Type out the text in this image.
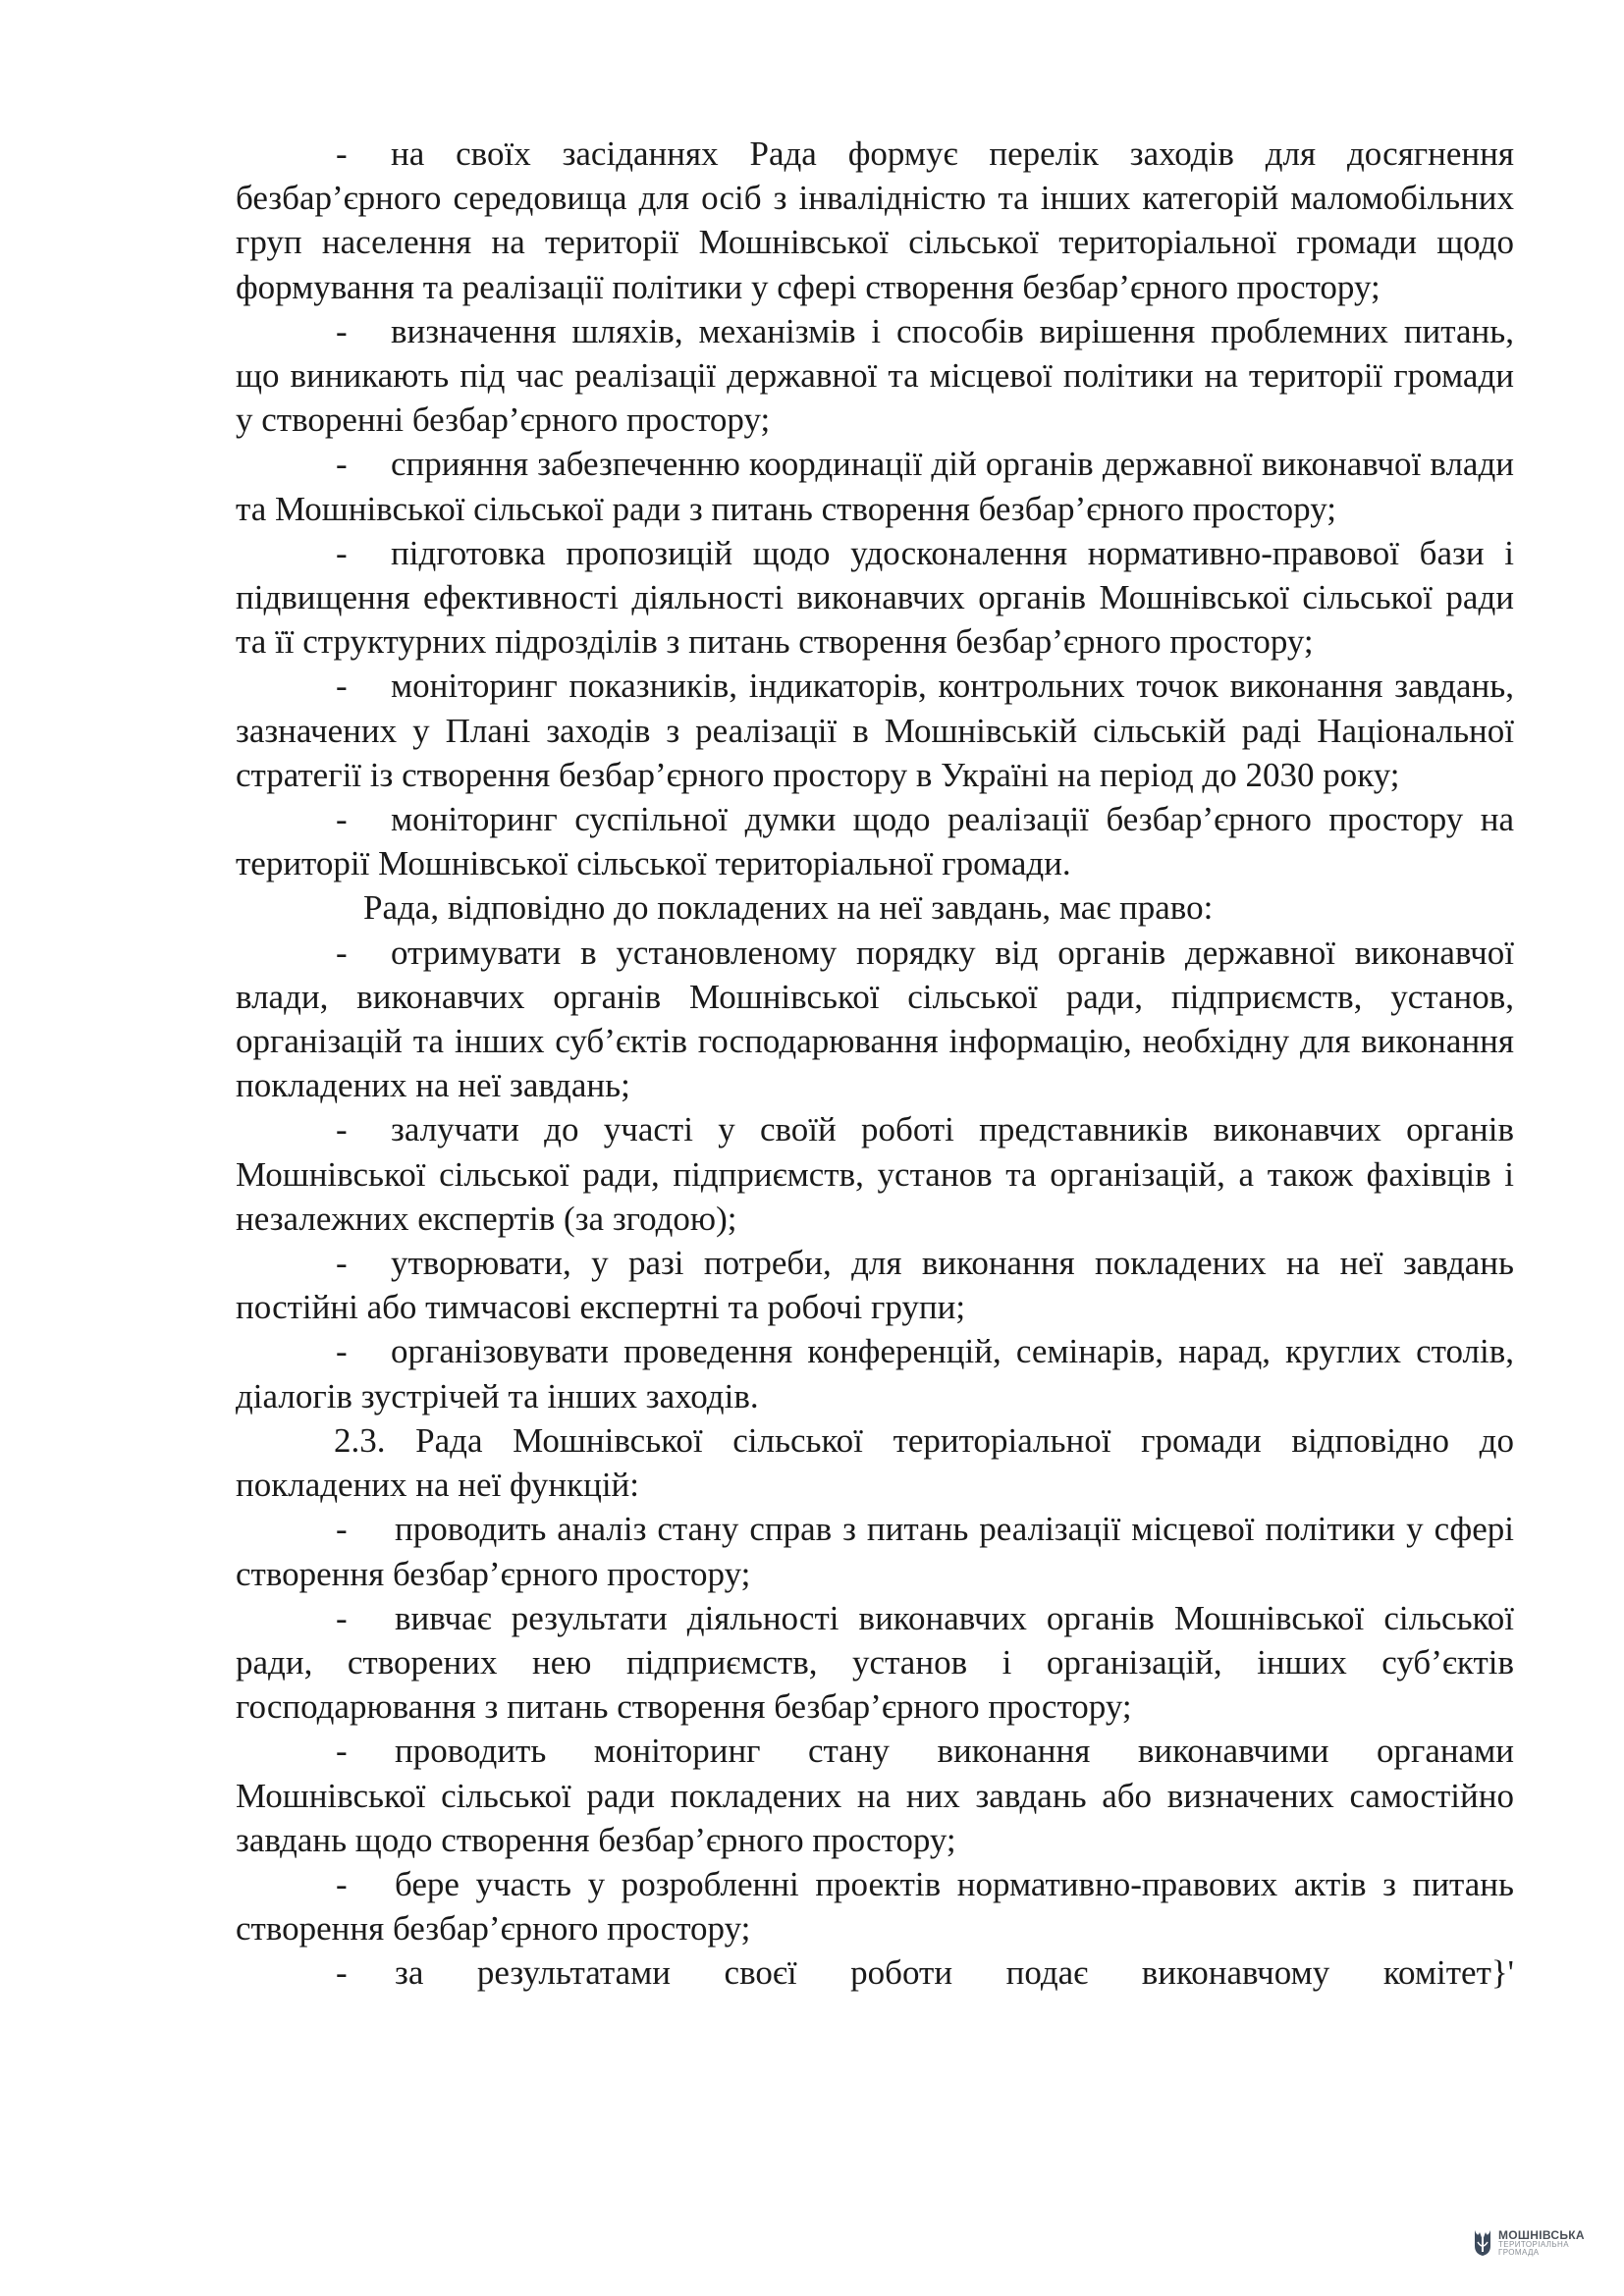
- на своїх засіданнях Рада формує перелік заходів для досягнення безбар’єрного середовища для осіб з інвалідністю та інших категорій маломобільних груп населення на території Мошнівської сільської територіальної громади щодо формування та реалізації політики у сфері створення безбар’єрного простору;

- визначення шляхів, механізмів і способів вирішення проблемних питань, що виникають під час реалізації державної та місцевої політики на території громади у створенні безбар’єрного простору;

- сприяння забезпеченню координації дій органів державної виконавчої влади та Мошнівської сільської ради з питань створення безбар’єрного простору;

- підготовка пропозицій щодо удосконалення нормативно-правової бази і підвищення ефективності діяльності виконавчих органів Мошнівської сільської ради та її структурних підрозділів з питань створення безбар’єрного простору;

- моніторинг показників, індикаторів, контрольних точок виконання завдань, зазначених у Плані заходів з реалізації в Мошнівській сільській раді Національної стратегії із створення безбар’єрного простору в Україні на період до 2030 року;

- моніторинг суспільної думки щодо реалізації безбар’єрного простору на території Мошнівської сільської територіальної громади.

Рада, відповідно до покладених на неї завдань, має право:

- отримувати в установленому порядку від органів державної виконавчої влади, виконавчих органів Мошнівської сільської ради, підприємств, установ, організацій та інших суб’єктів господарювання інформацію, необхідну для виконання покладених на неї завдань;

- залучати до участі у своїй роботі представників виконавчих органів Мошнівської сільської ради, підприємств, установ та організацій, а також фахівців і незалежних експертів (за згодою);

- утворювати, у разі потреби, для виконання покладених на неї завдань постійні або тимчасові експертні та робочі групи;

- організовувати проведення конференцій, семінарів, нарад, круглих столів, діалогів зустрічей та інших заходів.

2.3. Рада Мошнівської сільської територіальної громади відповідно до покладених на неї функцій:

- проводить аналіз стану справ з питань реалізації місцевої політики у сфері створення безбар’єрного простору;

- вивчає результати діяльності виконавчих органів Мошнівської сільської ради, створених нею підприємств, установ і організацій, інших суб’єктів господарювання з питань створення безбар’єрного простору;

- проводить моніторинг стану виконання виконавчими органами Мошнівської сільської ради покладених на них завдань або визначених самостійно завдань щодо створення безбар’єрного простору;

- бере участь у розробленні проектів нормативно-правових актів з питань створення безбар’єрного простору;

- за результатами своєї роботи подає виконавчому комітет}'

МОШНІВСЬКА
ТЕРИТОРІАЛЬНА
ГРОМАДА
